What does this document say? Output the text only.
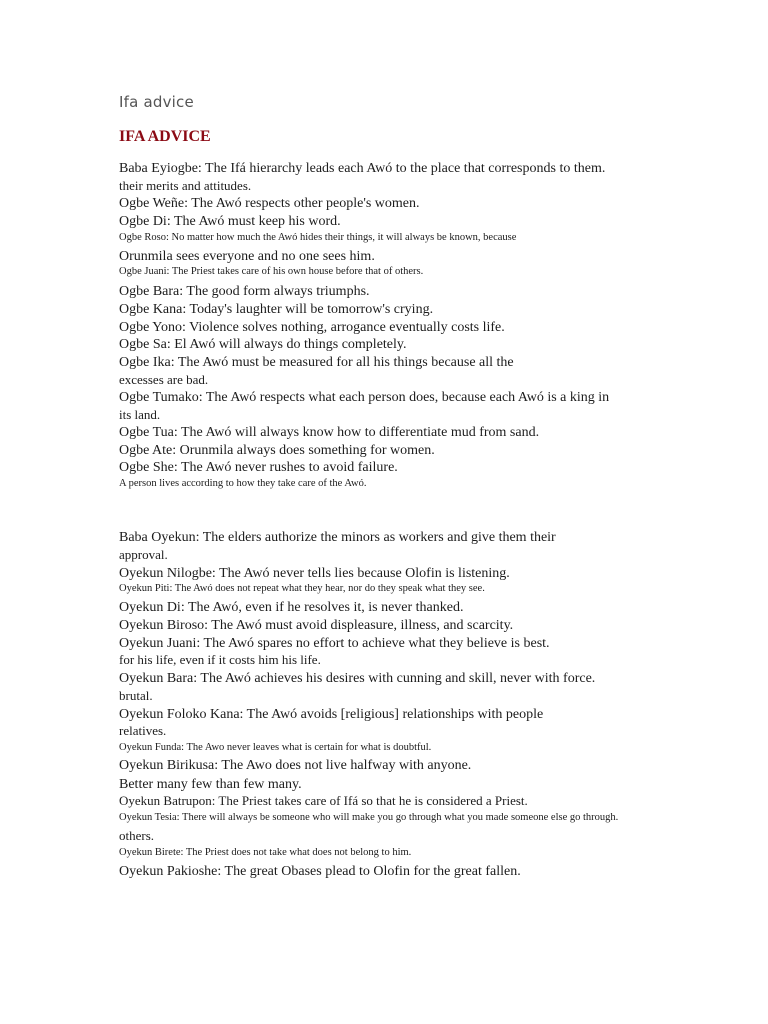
Ifa advice
IFA ADVICE

Baba Eyiogbe: The Ifá hierarchy leads each Awó to the place that corresponds to them.

their merits and attitudes.

Ogbe Weñe: The Awó respects other people's women.

Ogbe Di: The Awó must keep his word.

Ogbe Roso: No matter how much the Awó hides their things, it will always be known, because

Orunmila sees everyone and no one sees him.

Ogbe Juani: The Priest takes care of his own house before that of others.

Ogbe Bara: The good form always triumphs.

Ogbe Kana: Today's laughter will be tomorrow's crying.

Ogbe Yono: Violence solves nothing, arrogance eventually costs life.

Ogbe Sa: El Awó will always do things completely.

Ogbe Ika: The Awó must be measured for all his things because all the

excesses are bad.

Ogbe Tumako: The Awó respects what each person does, because each Awó is a king in

its land.

Ogbe Tua: The Awó will always know how to differentiate mud from sand.

Ogbe Ate: Orunmila always does something for women.

Ogbe She: The Awó never rushes to avoid failure.

A person lives according to how they take care of the Awó.

Baba Oyekun: The elders authorize the minors as workers and give them their

approval.

Oyekun Nilogbe: The Awó never tells lies because Olofin is listening.

Oyekun Piti: The Awó does not repeat what they hear, nor do they speak what they see.

Oyekun Di: The Awó, even if he resolves it, is never thanked.

Oyekun Biroso: The Awó must avoid displeasure, illness, and scarcity.

Oyekun Juani: The Awó spares no effort to achieve what they believe is best.

for his life, even if it costs him his life.

Oyekun Bara: The Awó achieves his desires with cunning and skill, never with force.

brutal.

Oyekun Foloko Kana: The Awó avoids [religious] relationships with people

relatives.

Oyekun Funda: The Awo never leaves what is certain for what is doubtful.

Oyekun Birikusa: The Awo does not live halfway with anyone.

Better many few than few many.

Oyekun Batrupon: The Priest takes care of Ifá so that he is considered a Priest.

Oyekun Tesia: There will always be someone who will make you go through what you made someone else go through.

others.

Oyekun Birete: The Priest does not take what does not belong to him.

Oyekun Pakioshe: The great Obases plead to Olofin for the great fallen.
